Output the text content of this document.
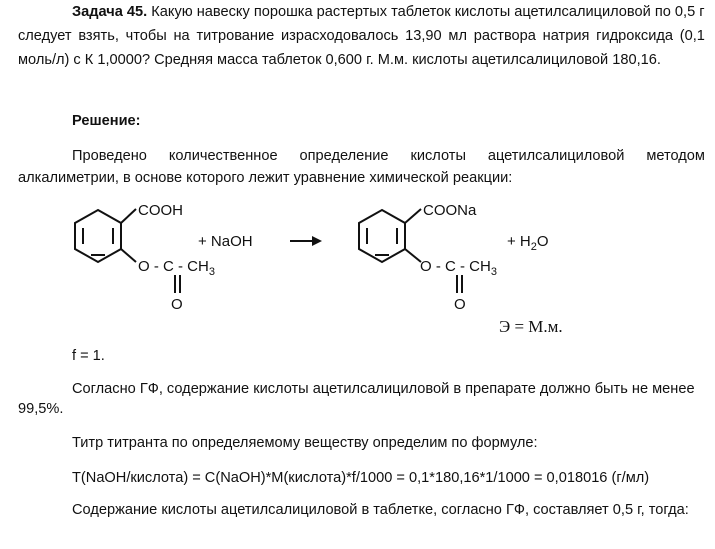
Задача 45. Какую навеску порошка растертых таблеток кислоты ацетилсалициловой по 0,5 г
следует взять, чтобы на титрование израсходовалось 13,90 мл раствора натрия гидроксида (0,1
моль/л) с К 1,0000? Средняя масса таблеток 0,600 г. М.м. кислоты ацетилсалициловой 180,16.
Решение:
Проведено количественное определение кислоты ацетилсалициловой методом
алкалиметрии, в основе которого лежит уравнение химической реакции:
COOH
+ NaOH
O - C - $CH_3$
O
COONa
+ $H_2O$
O - C - $CH_3$
O
Э = М.м.
f = 1.
Согласно ГФ, содержание кислоты ацетилсалициловой в препарате должно быть не менее
99,5%.
Титр титранта по определяемому веществу определим по формуле:
T(NaOH/кислота) = C(NaOH)*M(кислота)*f/1000 = 0,1*180,16*1/1000 = 0,018016 (г/мл)
Содержание кислоты ацетилсалициловой в таблетке, согласно ГФ, составляет 0,5 г, тогда:
